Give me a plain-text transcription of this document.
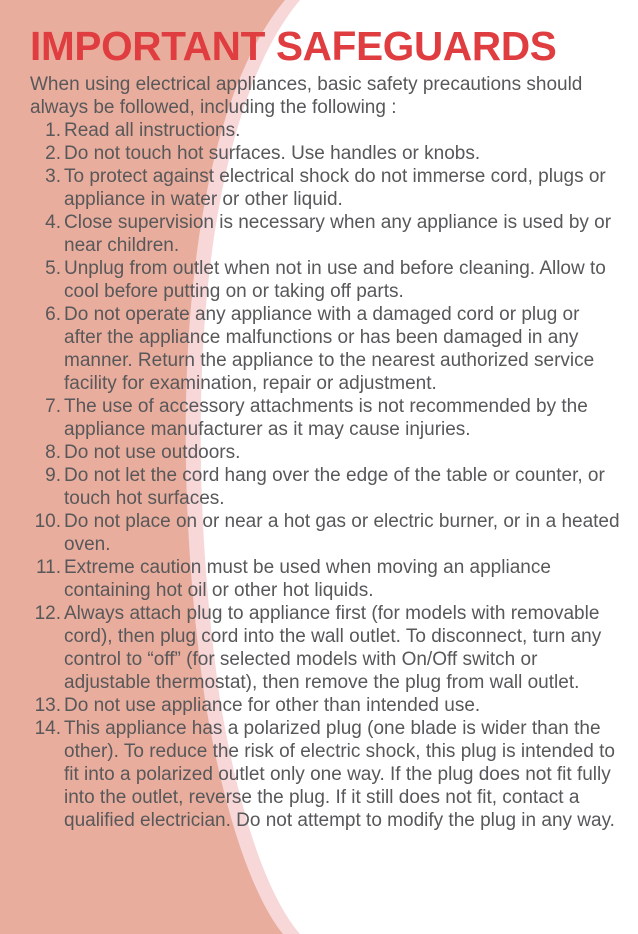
IMPORTANT SAFEGUARDS

When using electrical appliances, basic safety precautions should always be followed, including the following :

1. Read all instructions.
2. Do not touch hot surfaces. Use handles or knobs.
3. To protect against electrical shock do not immerse cord, plugs or appliance in water or other liquid.
4. Close supervision is necessary when any appliance is used by or near children.
5. Unplug from outlet when not in use and before cleaning. Allow to cool before putting on or taking off parts.
6. Do not operate any appliance with a damaged cord or plug or after the appliance malfunctions or has been damaged in any manner. Return the appliance to the nearest authorized service facility for examination, repair or adjustment.
7. The use of accessory attachments is not recommended by the appliance manufacturer as it may cause injuries.
8. Do not use outdoors.
9. Do not let the cord hang over the edge of the table or counter, or touch hot surfaces.
10. Do not place on or near a hot gas or electric burner, or in a heated oven.
11. Extreme caution must be used when moving an appliance containing hot oil or other hot liquids.
12. Always attach plug to appliance first (for models with removable cord), then plug cord into the wall outlet. To disconnect, turn any control to “off” (for selected models with On/Off switch or adjustable thermostat), then remove the plug from wall outlet.
13. Do not use appliance for other than intended use.
14. This appliance has a polarized plug (one blade is wider than the other). To reduce the risk of electric shock, this plug is intended to fit into a polarized outlet only one way. If the plug does not fit fully into the outlet, reverse the plug. If it still does not fit, contact a qualified electrician. Do not attempt to modify the plug in any way.
